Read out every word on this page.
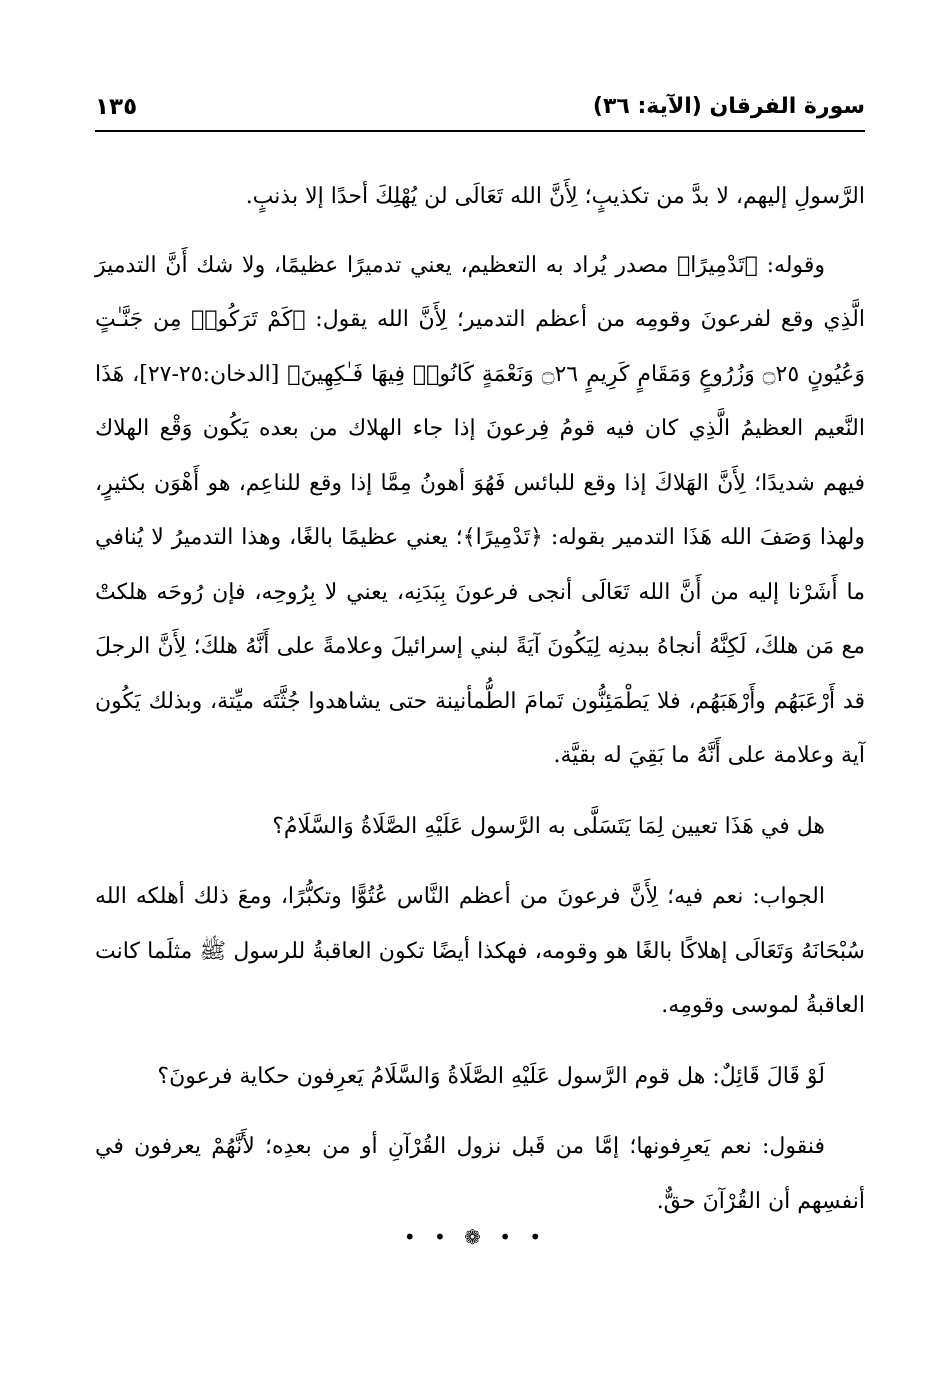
سورة الفرقان (الآية: ٣٦)
١٣٥

الرَّسولِ إليهم، لا بدَّ من تكذيبٍ؛ لِأَنَّ الله تَعَالَى لن يُهْلِكَ أحدًا إلا بذنبٍ.

وقوله: ﴿تَدْمِيرًا﴾ مصدر يُراد به التعظيم، يعني تدميرًا عظيمًا، ولا شك أَنَّ التدميرَ الَّذِي وقع لفرعونَ وقومِه من أعظم التدمير؛ لِأَنَّ الله يقول: ﴿كَمْ تَرَكُوا۟ مِن جَنَّـٰتٍ وَعُيُونٍ ۝٢٥ وَزُرُوعٍ وَمَقَامٍ كَرِيمٍ ۝٢٦ وَنَعْمَةٍ كَانُوا۟ فِيهَا فَـٰكِهِينَ﴾ [الدخان:٢٥-٢٧]، هَذَا النَّعيم العظيمُ الَّذِي كان فيه قومُ فِرعونَ إذا جاء الهلاك من بعده يَكُون وَقْع الهلاك فيهم شديدًا؛ لِأَنَّ الهَلاكَ إذا وقع للبائس فَهُوَ أهونُ مِمَّا إذا وقع للناعِم، هو أَهْوَن بكثيرٍ، ولهذا وَصَفَ الله هَذَا التدمير بقوله: ﴿تَدْمِيرًا﴾؛ يعني عظيمًا بالغًا، وهذا التدميرُ لا يُنافي ما أَشَرْنا إليه من أَنَّ الله تَعَالَى أنجى فرعونَ بِبَدَنِه، يعني لا بِرُوحِه، فإن رُوحَه هلكتْ مع مَن هلكَ، لَكِنَّهُ أنجاهُ ببدنِه لِيَكُونَ آيَةً لبني إسرائيلَ وعلامةً على أَنَّهُ هلكَ؛ لِأَنَّ الرجلَ قد أَرْعَبَهُم وأَرْهَبَهُم، فلا يَطْمَئِنُّون تَمامَ الطُّمأنينة حتى يشاهدوا جُثَّتَه ميِّتة، وبذلك يَكُون آية وعلامة على أَنَّهُ ما بَقِيَ له بقيَّة.

هل في هَذَا تعيين لِمَا يَتَسَلَّى به الرَّسول عَلَيْهِ الصَّلَاةُ وَالسَّلَامُ؟

الجواب: نعم فيه؛ لِأَنَّ فرعونَ من أعظم النَّاس عُتُوًّا وتكبُّرًا، ومعَ ذلك أهلكه الله سُبْحَانَهُ وَتَعَالَى إهلاكًا بالغًا هو وقومه، فهكذا أيضًا تكون العاقبةُ للرسول ﷺ مثلَما كانت العاقبةُ لموسى وقومِه.

لَوْ قَالَ قَائِلٌ: هل قوم الرَّسول عَلَيْهِ الصَّلَاةُ وَالسَّلَامُ يَعرِفون حكاية فرعونَ؟

فنقول: نعم يَعرِفونها؛ إمَّا من قَبل نزول القُرْآنِ أو من بعدِه؛ لأَنَّهُمْ يعرفون في أنفسِهم أن القُرْآنَ حقٌّ.

• • ❁ • •
